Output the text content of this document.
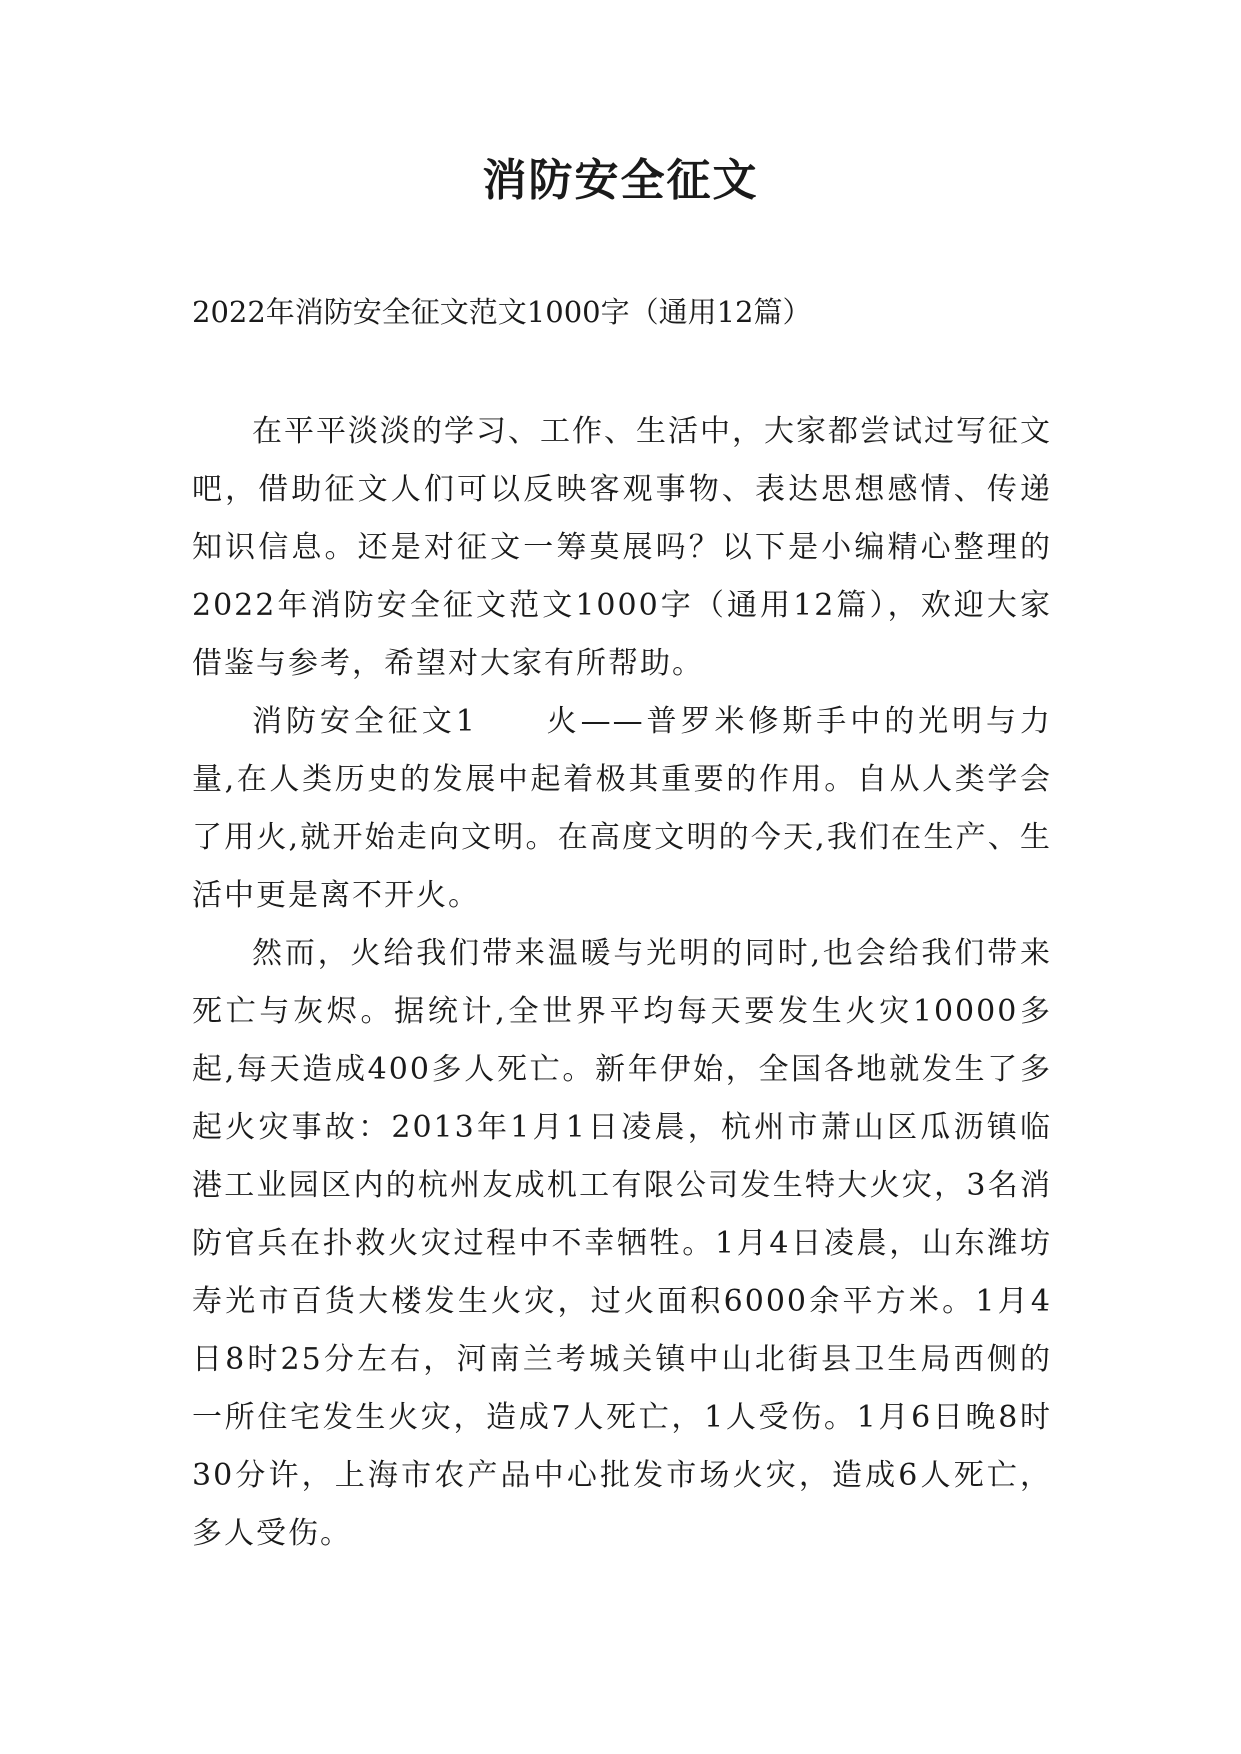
消防安全征文
2022年消防安全征文范文1000字（通用12篇）

在平平淡淡的学习、工作、生活中，大家都尝试过写征文吧，借助征文人们可以反映客观事物、表达思想感情、传递知识信息。还是对征文一筹莫展吗？以下是小编精心整理的2022年消防安全征文范文1000字（通用12篇），欢迎大家借鉴与参考，希望对大家有所帮助。

消防安全征文1　　火——普罗米修斯手中的光明与力量,在人类历史的发展中起着极其重要的作用。自从人类学会了用火,就开始走向文明。在高度文明的今天,我们在生产、生活中更是离不开火。

然而，火给我们带来温暖与光明的同时,也会给我们带来死亡与灰烬。据统计,全世界平均每天要发生火灾10000多起,每天造成400多人死亡。新年伊始，全国各地就发生了多起火灾事故：2013年1月1日凌晨，杭州市萧山区瓜沥镇临港工业园区内的杭州友成机工有限公司发生特大火灾，3名消防官兵在扑救火灾过程中不幸牺牲。1月4日凌晨，山东潍坊寿光市百货大楼发生火灾，过火面积6000余平方米。1月4日8时25分左右，河南兰考城关镇中山北街县卫生局西侧的一所住宅发生火灾，造成7人死亡，1人受伤。1月6日晚8时30分许，上海市农产品中心批发市场火灾，造成6人死亡，多人受伤。
